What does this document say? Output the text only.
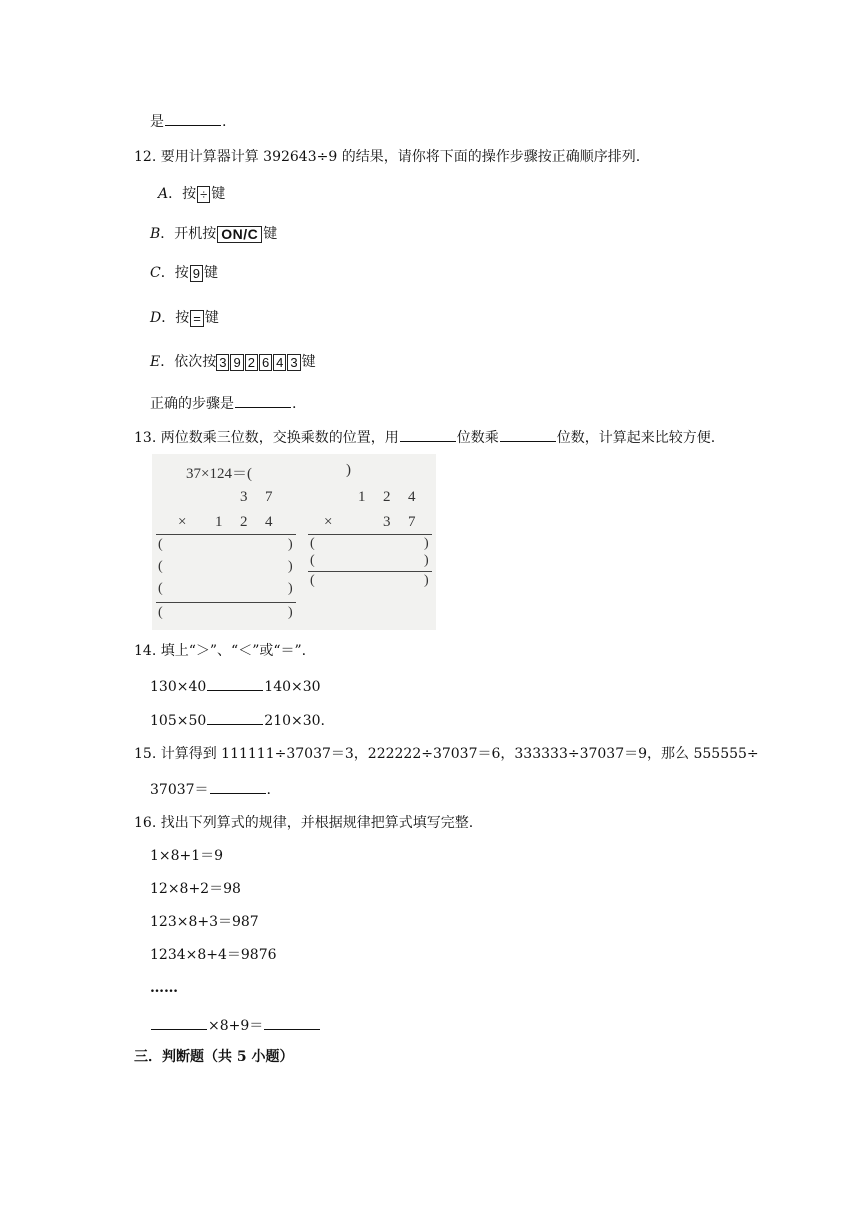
是	.
12. 要用计算器计算 392643÷9 的结果，请你将下面的操作步骤按正确顺序排列.
A．按 ÷ 键
B．开机按 ON/C 键
C．按 9 键
D．按 = 键
E．依次按 3 9 2 6 4 3 键
正确的步骤是	.
13. 两位数乘三位数，交换乘数的位置，用	位数乘	位数，计算起来比较方便.
37×124＝(	)
3 7
× 1 2 4
(	)
(	)
(	)
(	)
1 2 4
×	3 7
(	)
(	)
(	)
14. 填上“＞”、“＜”或“＝”.
130×40	140×30
105×50	210×30.
15. 计算得到 111111÷37037＝3，222222÷37037＝6，333333÷37037＝9，那么 555555÷
37037＝	.
16. 找出下列算式的规律，并根据规律把算式填写完整.
1×8+1＝9
12×8+2＝98
123×8+3＝987
1234×8+4＝9876
……
×8+9＝
三．判断题（共 5 小题）
